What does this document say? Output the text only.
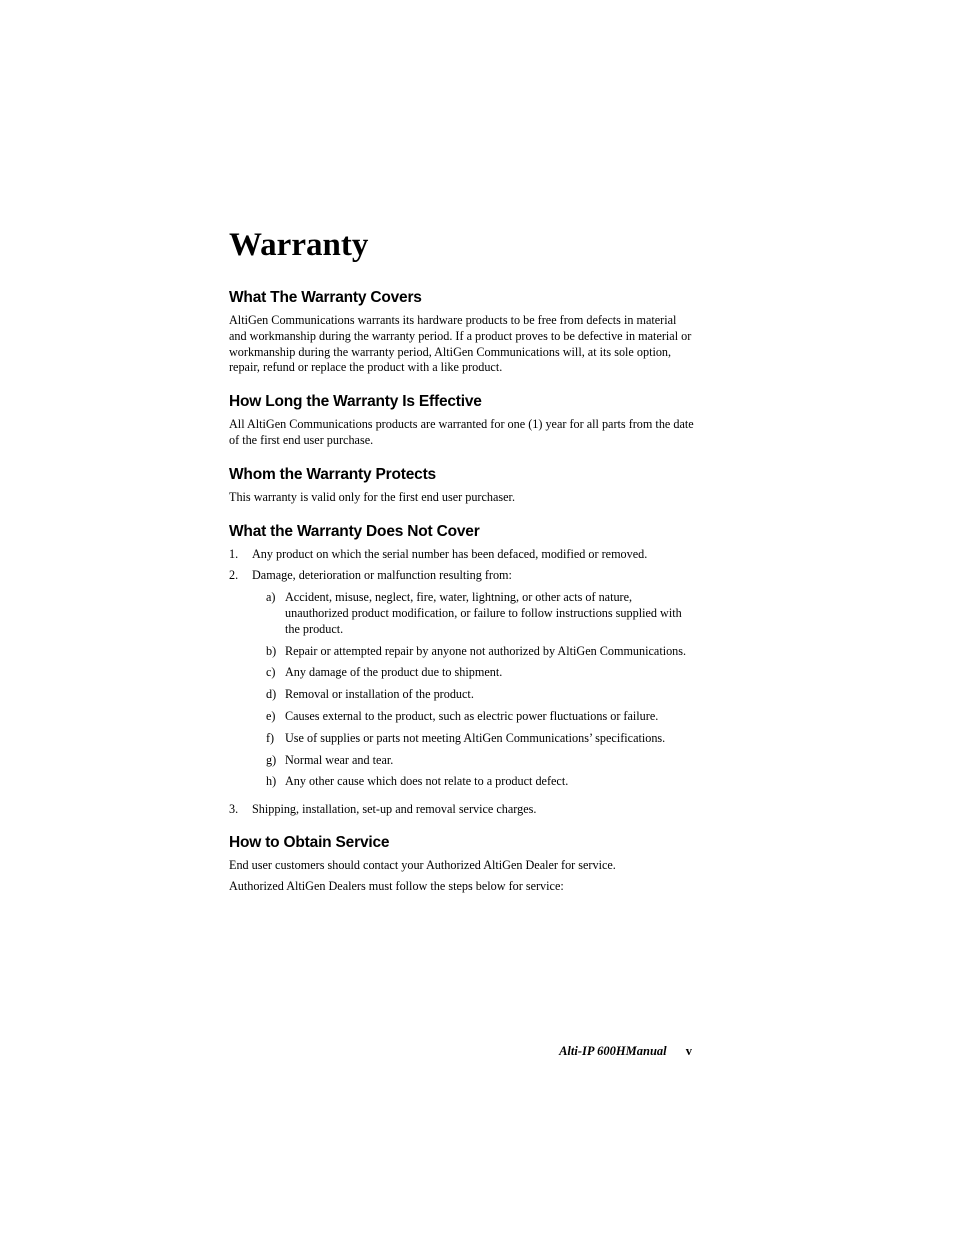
Warranty
What The Warranty Covers

AltiGen Communications warrants its hardware products to be free from defects in material and workmanship during the warranty period. If a product proves to be defective in material or workmanship during the warranty period, AltiGen Communications will, at its sole option, repair, refund or replace the product with a like product.

How Long the Warranty Is Effective

All AltiGen Communications products are warranted for one (1) year for all parts from the date of the first end user purchase.

Whom the Warranty Protects

This warranty is valid only for the first end user purchaser.

What the Warranty Does Not Cover
1.	Any product on which the serial number has been defaced, modified or removed.
2.	Damage, deterioration or malfunction resulting from:
a) Accident, misuse, neglect, fire, water, lightning, or other acts of nature, unauthorized product modification, or failure to follow instructions supplied with the product.
b) Repair or attempted repair by anyone not authorized by AltiGen Communications.
c) Any damage of the product due to shipment.
d) Removal or installation of the product.
e) Causes external to the product, such as electric power fluctuations or failure.
f) Use of supplies or parts not meeting AltiGen Communications’ specifications.
g) Normal wear and tear.
h) Any other cause which does not relate to a product defect.
3.	Shipping, installation, set-up and removal service charges.
How to Obtain Service

End user customers should contact your Authorized AltiGen Dealer for service.

Authorized AltiGen Dealers must follow the steps below for service:

Alti-IP 600HManual v
